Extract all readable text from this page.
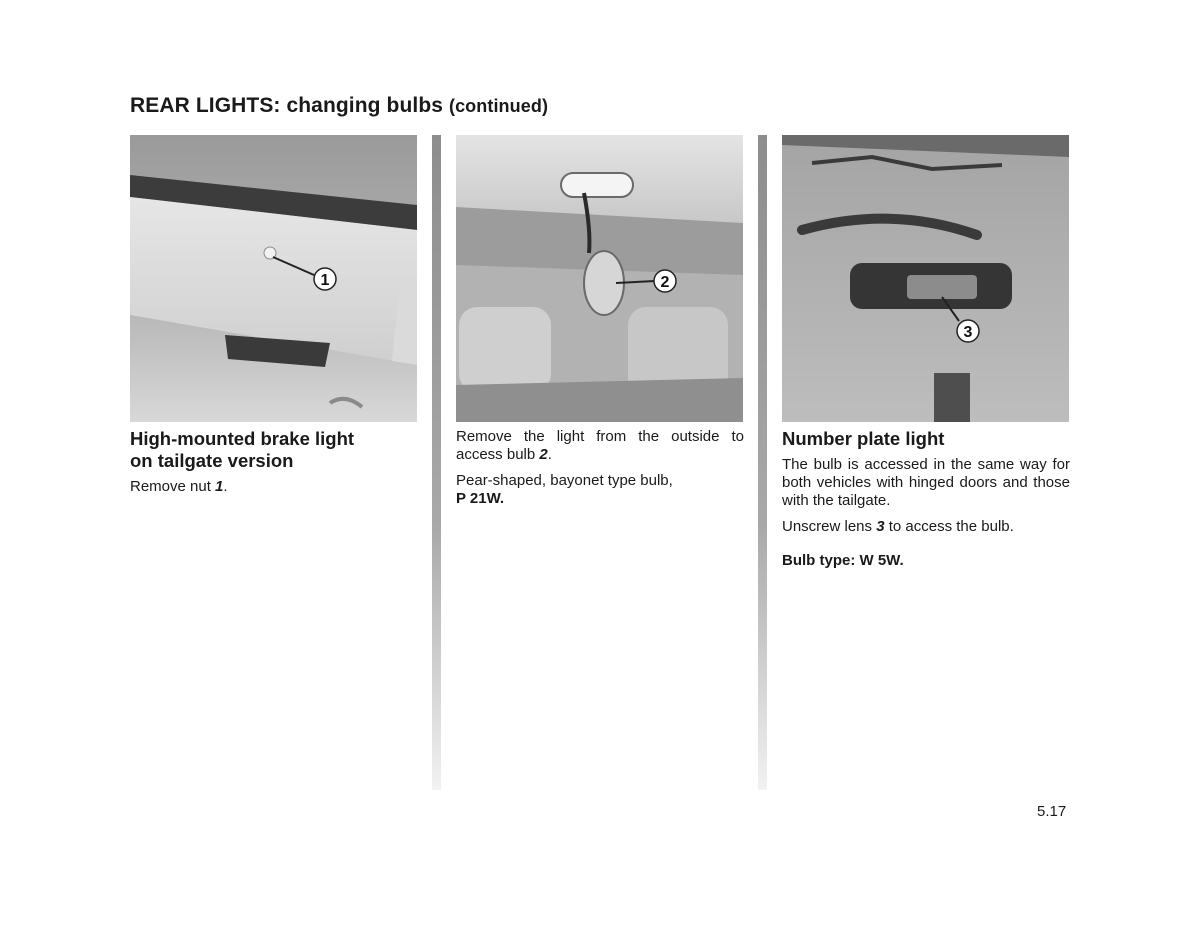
REAR LIGHTS: changing bulbs (continued)
1
High-mounted brake light
on tailgate version

Remove nut 1.

2

Remove the light from the outside to access bulb 2.

Pear-shaped, bayonet type bulb,
P 21W.

3
Number plate light

The bulb is accessed in the same way for both vehicles with hinged doors and those with the tailgate.

Unscrew lens 3 to access the bulb.

Bulb type: W 5W.

5.17
